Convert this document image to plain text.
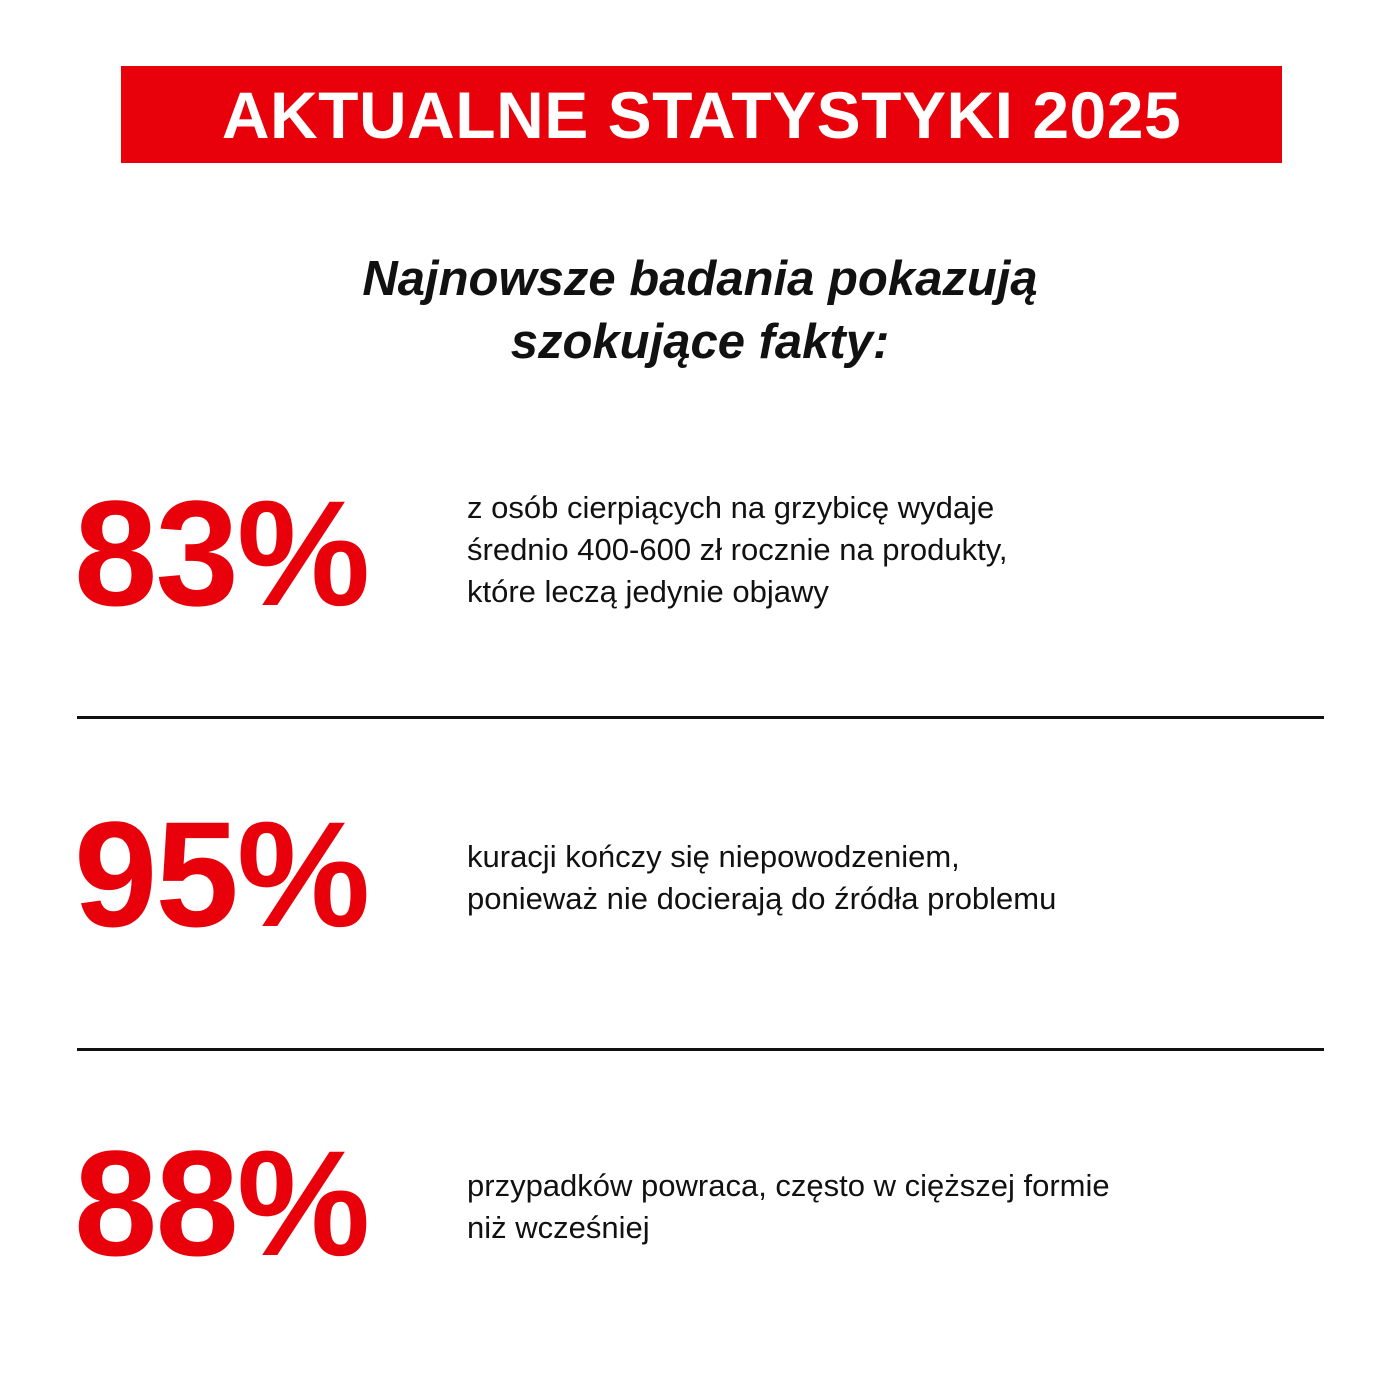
AKTUALNE STATYSTYKI 2025
Najnowsze badania pokazują
szokujące fakty:
83%	z osób cierpiących na grzybicę wydaje
średnio 400-600 zł rocznie na produkty,
które leczą jedynie objawy
95%	kuracji kończy się niepowodzeniem,
ponieważ nie docierają do źródła problemu
88%	przypadków powraca, często w cięższej formie
niż wcześniej
